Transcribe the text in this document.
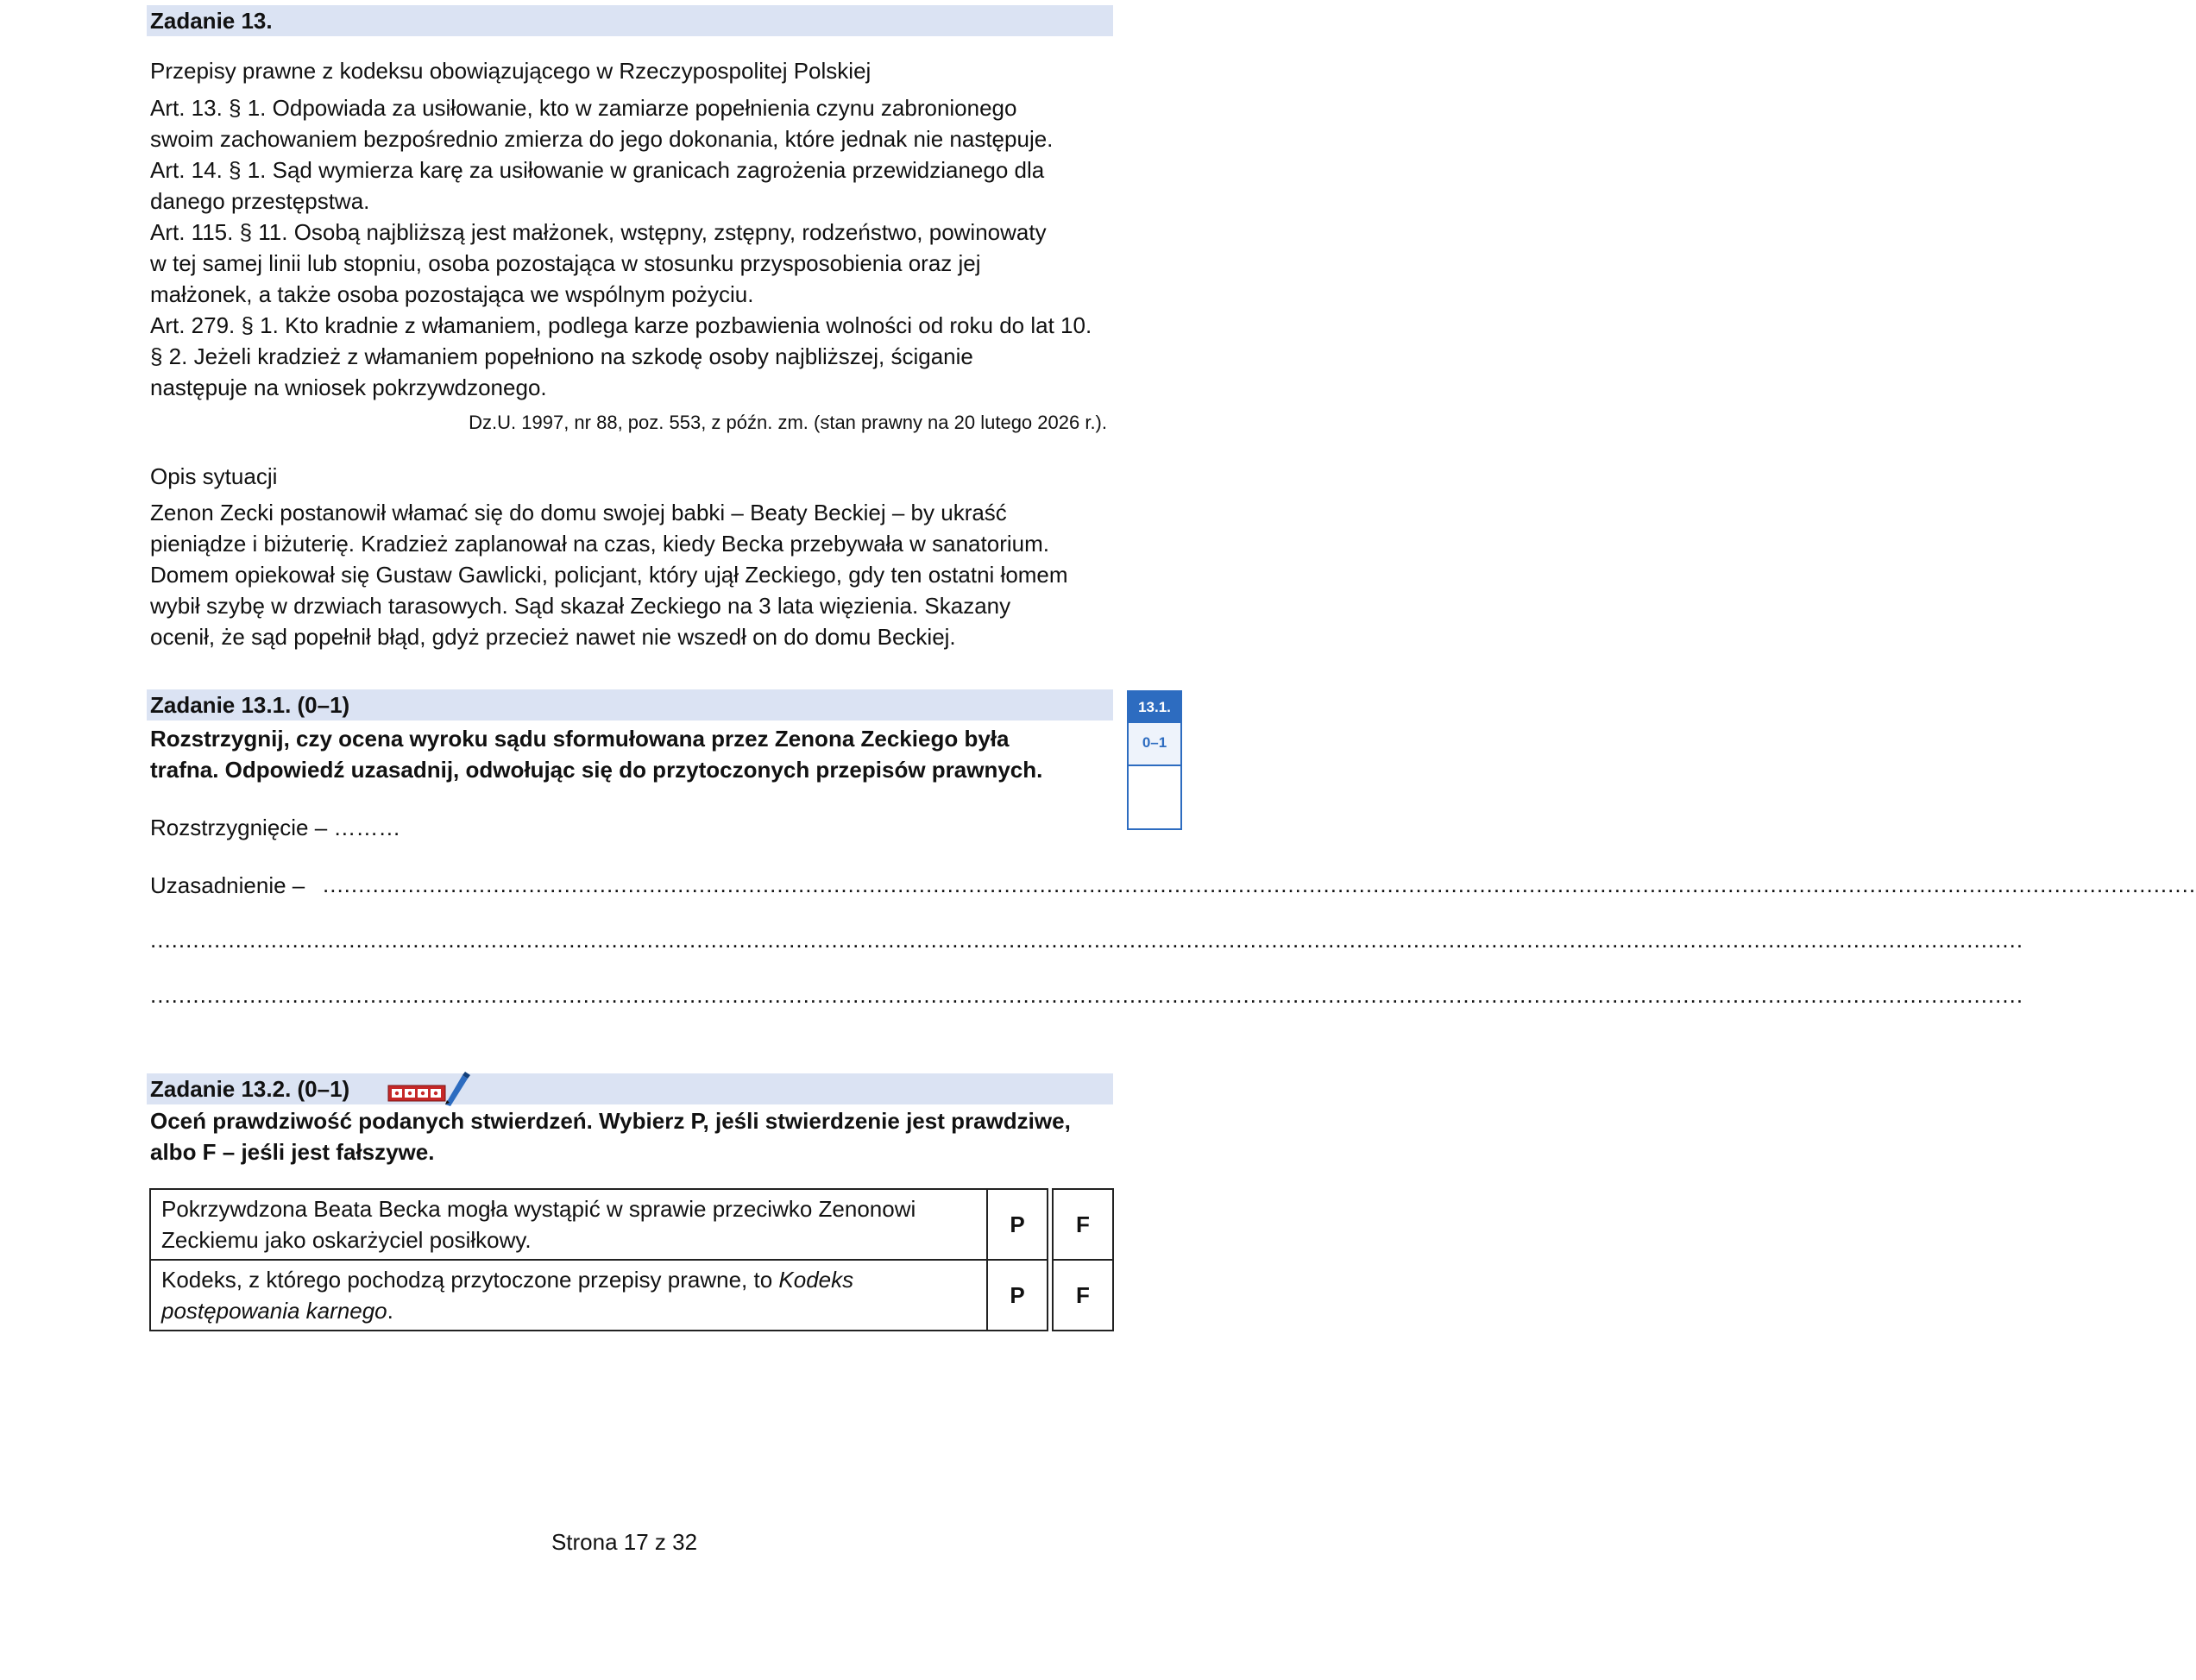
Zadanie 13.
Przepisy prawne z kodeksu obowiązującego w Rzeczypospolitej Polskiej
Art. 13. § 1. Odpowiada za usiłowanie, kto w zamiarze popełnienia czynu zabronionego
swoim zachowaniem bezpośrednio zmierza do jego dokonania, które jednak nie następuje.
Art. 14. § 1. Sąd wymierza karę za usiłowanie w granicach zagrożenia przewidzianego dla
danego przestępstwa.
Art. 115. § 11. Osobą najbliższą jest małżonek, wstępny, zstępny, rodzeństwo, powinowaty
w tej samej linii lub stopniu, osoba pozostająca w stosunku przysposobienia oraz jej
małżonek, a także osoba pozostająca we wspólnym pożyciu.
Art. 279. § 1. Kto kradnie z włamaniem, podlega karze pozbawienia wolności od roku do lat 10.
§ 2. Jeżeli kradzież z włamaniem popełniono na szkodę osoby najbliższej, ściganie
następuje na wniosek pokrzywdzonego.
Dz.U. 1997, nr 88, poz. 553, z późn. zm. (stan prawny na 20 lutego 2026 r.).
Opis sytuacji
Zenon Zecki postanowił włamać się do domu swojej babki – Beaty Beckiej – by ukraść
pieniądze i biżuterię. Kradzież zaplanował na czas, kiedy Becka przebywała w sanatorium.
Domem opiekował się Gustaw Gawlicki, policjant, który ujął Zeckiego, gdy ten ostatni łomem
wybił szybę w drzwiach tarasowych. Sąd skazał Zeckiego na 3 lata więzienia. Skazany
ocenił, że sąd popełnił błąd, gdyż przecież nawet nie wszedł on do domu Beckiej.
Zadanie 13.1. (0–1)
Rozstrzygnij, czy ocena wyroku sądu sformułowana przez Zenona Zeckiego była
trafna. Odpowiedź uzasadnij, odwołując się do przytoczonych przepisów prawnych.
13.1.
0–1
Rozstrzygnięcie – ………
Uzasadnienie – ........................................................................................................................................................................................................................................................................
........................................................................................................................................................................................................................................................................
........................................................................................................................................................................................................................................................................
Zadanie 13.2. (0–1)
Oceń prawdziwość podanych stwierdzeń. Wybierz P, jeśli stwierdzenie jest prawdziwe,
albo F – jeśli jest fałszywe.
Pokrzywdzona Beata Becka mogła wystąpić w sprawie przeciwko Zenonowi
Zeckiemu jako oskarżyciel posiłkowy.	P		F

Kodeks, z którego pochodzą przytoczone przepisy prawne, to Kodeks
postępowania karnego.	P		F
Strona 17 z 32
